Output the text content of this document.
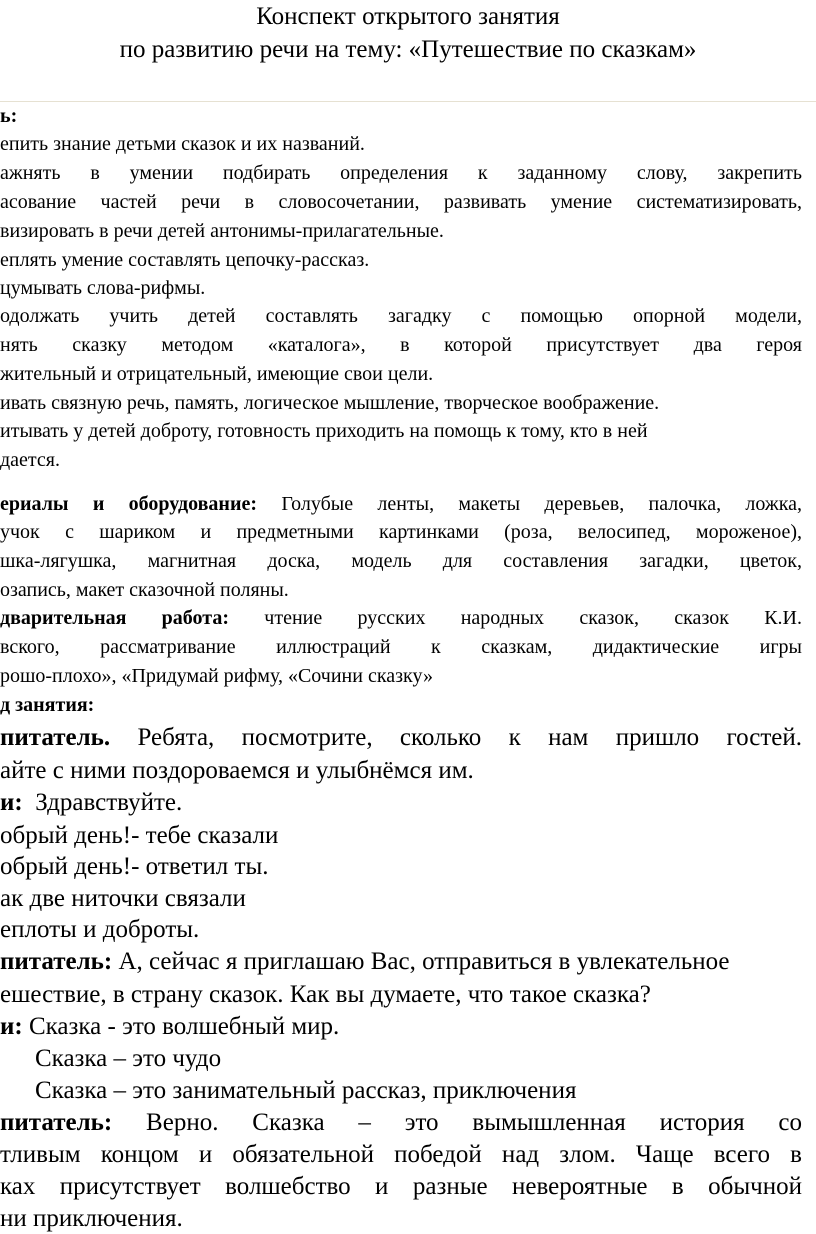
Конспект открытого занятия
по развитию речи на тему: «Путешествие по сказкам»
ь:
епить знание детьми сказок и их названий.
ажнять в умении подбирать определения к заданному слову, закрепить
асование частей речи в словосочетании, развивать умение систематизировать,
визировать в речи детей антонимы-прилагательные.
еплять умение составлять цепочку-рассказ.
цумывать слова-рифмы.
одолжать учить детей составлять загадку с помощью опорной модели,
нять сказку методом «каталога», в которой присутствует два героя
жительный и отрицательный, имеющие свои цели.
ивать связную речь, память, логическое мышление, творческое воображение.
итывать у детей доброту, готовность приходить на помощь к тому, кто в ней
дается.
ериалы и оборудование: Голубые ленты, макеты деревьев, палочка, ложка,
учок с шариком и предметными картинками (роза, велосипед, мороженое),
шка-лягушка, магнитная доска, модель для составления загадки, цветок,
озапись, макет сказочной поляны.
дварительная работа: чтение русских народных сказок, сказок К.И.
вского, рассматривание иллюстраций к сказкам, дидактические игры
рошо-плохо», «Придумай рифму, «Сочини сказку»
д занятия:
питатель. Ребята, посмотрите, сколько к нам пришло гостей.
айте с ними поздороваемся и улыбнёмся им.
и: Здравствуйте.
обрый день!- тебе сказали
обрый день!- ответил ты.
ак две ниточки связали
еплоты и доброты.
питатель: А, сейчас я приглашаю Вас, отправиться в увлекательное
ешествие, в страну сказок. Как вы думаете, что такое сказка?
и: Сказка - это волшебный мир.
Сказка – это чудо
Сказка – это занимательный рассказ, приключения
питатель: Верно. Сказка – это вымышленная история со
тливым концом и обязательной победой над злом. Чаще всего в
ках присутствует волшебство и разные невероятные в обычной
ни приключения.
